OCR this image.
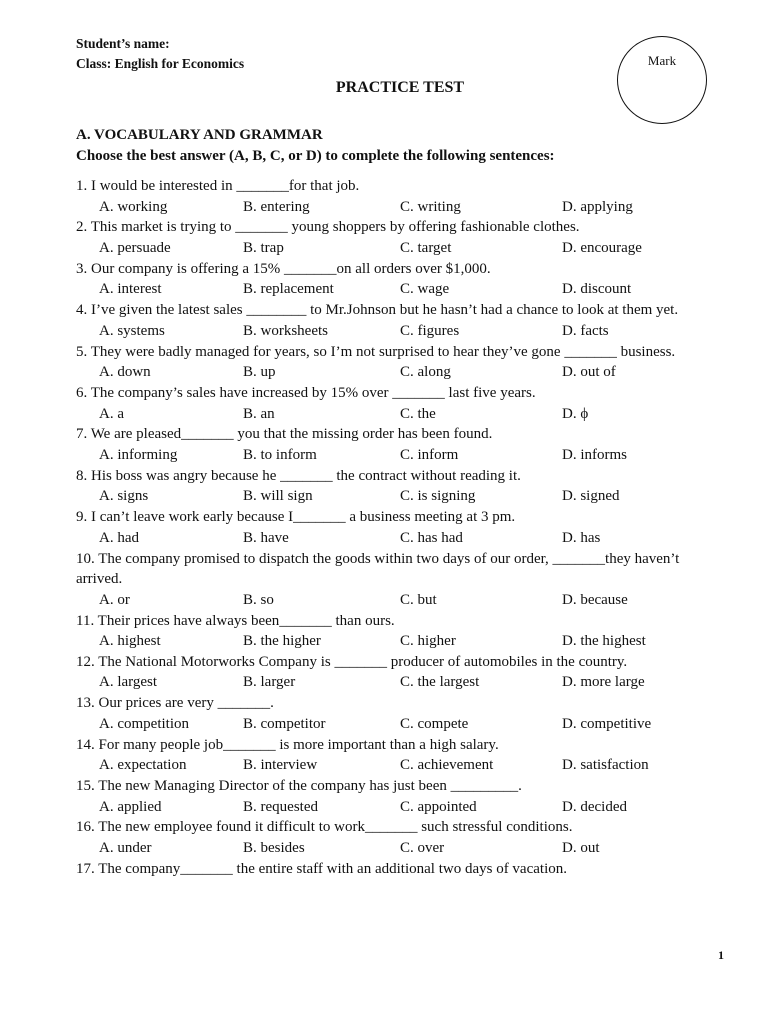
Student’s name:
Class: English for Economics	Mark
PRACTICE TEST
A. VOCABULARY AND GRAMMAR
Choose the best answer (A, B, C, or D) to complete the following sentences:
1. I would be interested in _______for that job.
A. working	B. entering	C. writing	D. applying
2. This market is trying to _______ young shoppers by offering fashionable clothes.
A. persuade	B. trap	C. target	D. encourage
3. Our company is offering a 15% _______on all orders over $1,000.
A. interest	B. replacement	C. wage	D. discount
4. I’ve given the latest sales ________ to Mr.Johnson but he hasn’t had a chance to look at them yet.
A. systems	B. worksheets	C. figures	D. facts
5. They were badly managed for years, so I’m not surprised to hear they’ve gone _______ business.
A. down	B. up	C. along	D. out of
6. The company’s sales have increased by 15% over _______ last five years.
A. a	B. an	C. the	D. ϕ
7. We are pleased_______ you that the missing order has been found.
A. informing	B. to inform	C. inform	D. informs
8. His boss was angry because he _______ the contract without reading it.
A. signs	B. will sign	C. is signing	D. signed
9. I can’t leave work early because I_______ a business meeting at 3 pm.
A. had	B. have	C. has had	D. has
10. The company promised to dispatch the goods within two days of our order, _______they haven’t arrived.
A. or	B. so	C. but	D. because
11. Their prices have always been_______ than ours.
A. highest	B. the higher	C. higher	D. the highest
12. The National Motorworks Company is _______ producer of automobiles in the country.
A. largest	B. larger	C. the largest	D. more large
13. Our prices are very _______.
A. competition	B. competitor	C. compete	D. competitive
14. For many people job_______ is more important than a high salary.
A. expectation	B. interview	C. achievement	D. satisfaction
15. The new Managing Director of the company has just been _________.
A. applied	B. requested	C. appointed	D. decided
16. The new employee found it difficult to work_______ such stressful conditions.
A. under	B. besides	C. over	D. out
17. The company_______ the entire staff with an additional two days of vacation.
1
